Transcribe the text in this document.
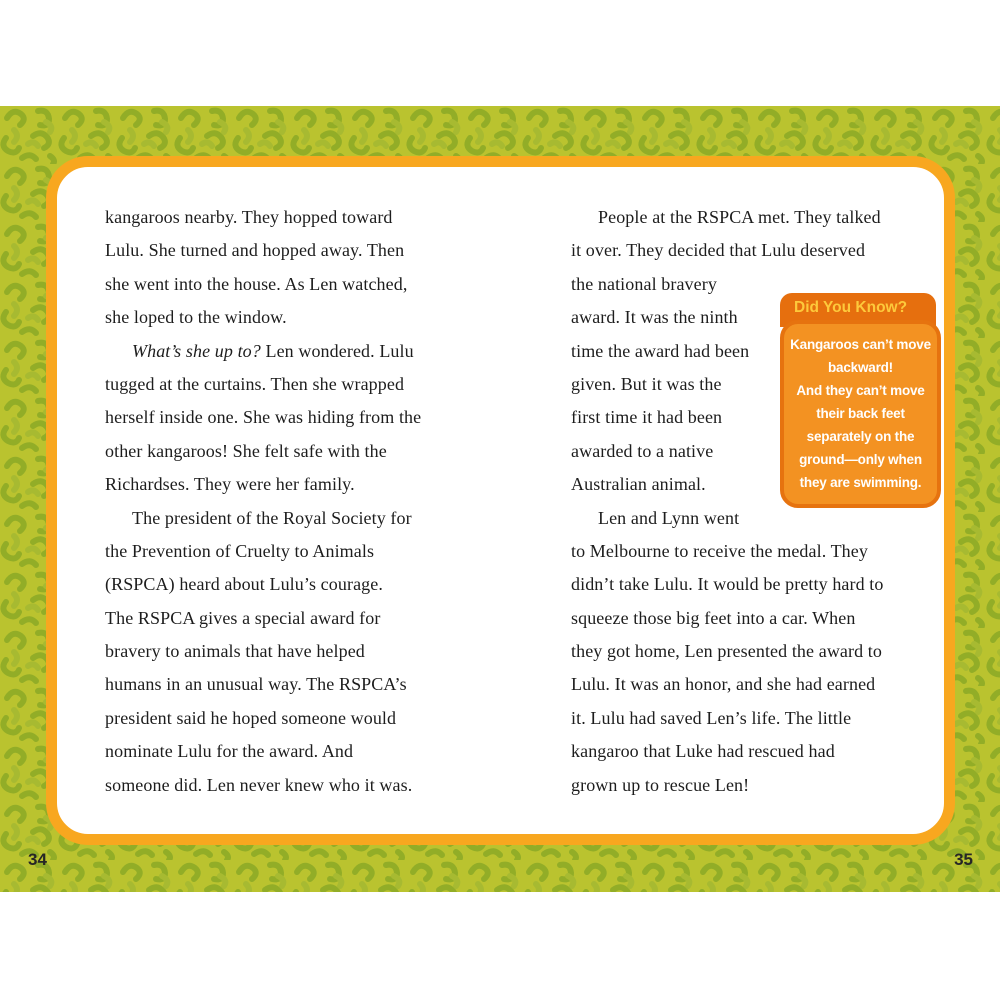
kangaroos nearby. They hopped toward
Lulu. She turned and hopped away. Then
she went into the house. As Len watched,
she loped to the window.
What’s she up to? Len wondered. Lulu
tugged at the curtains. Then she wrapped
herself inside one. She was hiding from the
other kangaroos! She felt safe with the
Richardses. They were her family.
The president of the Royal Society for
the Prevention of Cruelty to Animals
(RSPCA) heard about Lulu’s courage.
The RSPCA gives a special award for
bravery to animals that have helped
humans in an unusual way. The RSPCA’s
president said he hoped someone would
nominate Lulu for the award. And
someone did. Len never knew who it was.
People at the RSPCA met. They talked
it over. They decided that Lulu deserved
the national bravery
award. It was the ninth
time the award had been
given. But it was the
first time it had been
awarded to a native
Australian animal.
Len and Lynn went
to Melbourne to receive the medal. They
didn’t take Lulu. It would be pretty hard to
squeeze those big feet into a car. When
they got home, Len presented the award to
Lulu. It was an honor, and she had earned
it. Lulu had saved Len’s life. The little
kangaroo that Luke had rescued had
grown up to rescue Len!
Did You Know?
Kangaroos can’t move
backward!
And they can’t move
their back feet
separately on the
ground—only when
they are swimming.
34	35
